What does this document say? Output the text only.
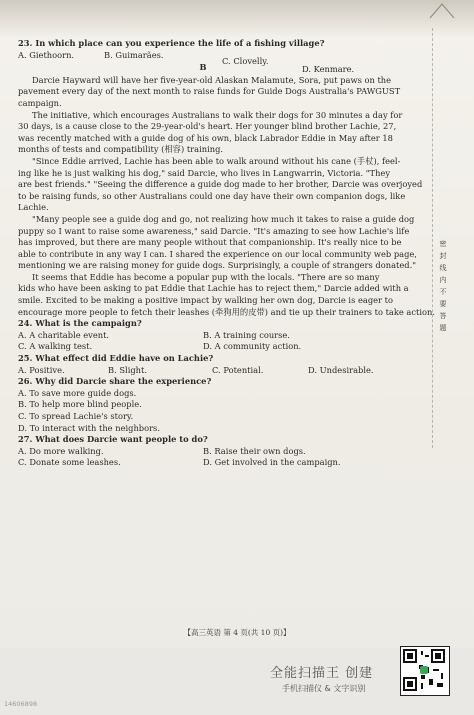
23. In which place can you experience the life of a fishing village?
A. Giethoorn.	B. Guimarães.
C. Clovelly.
D. Kenmare.
B
Darcie Hayward will have her five-year-old Alaskan Malamute, Sora, put paws on the
pavement every day of the next month to raise funds for Guide Dogs Australia's PAWGUST
campaign.
The initiative, which encourages Australians to walk their dogs for 30 minutes a day for
30 days, is a cause close to the 29-year-old's heart. Her younger blind brother Lachie, 27,
was recently matched with a guide dog of his own, black Labrador Eddie in May after 18
months of tests and compatibility (相容) training.
"Since Eddie arrived, Lachie has been able to walk around without his cane (手杖), feel-
ing like he is just walking his dog," said Darcie, who lives in Langwarrin, Victoria. "They
are best friends." "Seeing the difference a guide dog made to her brother, Darcie was overjoyed
to be raising funds, so other Australians could one day have their own companion dogs, like
Lachie.
"Many people see a guide dog and go, not realizing how much it takes to raise a guide dog
puppy so I want to raise some awareness," said Darcie. "It's amazing to see how Lachie's life
has improved, but there are many people without that companionship. It's really nice to be
able to contribute in any way I can. I shared the experience on our local community web page,
mentioning we are raising money for guide dogs. Surprisingly, a couple of strangers donated."
It seems that Eddie has become a popular pup with the locals. "There are so many
kids who have been asking to pat Eddie that Lachie has to reject them," Darcie added with a
smile. Excited to be making a positive impact by walking her own dog, Darcie is eager to
encourage more people to fetch their leashes (牵狗用的皮带) and tie up their trainers to take action.
24. What is the campaign?
A. A charitable event.	B. A training course.
C. A walking test.	D. A community action.
25. What effect did Eddie have on Lachie?
A. Positive.	B. Slight.	C. Potential.	D. Undesirable.
26. Why did Darcie share the experience?
A. To save more guide dogs.
B. To help more blind people.
C. To spread Lachie's story.
D. To interact with the neighbors.
27. What does Darcie want people to do?
A. Do more walking.	B. Raise their own dogs.
C. Donate some leashes.	D. Get involved in the campaign.
密 封 线 内 不 要 答 题
【高三英语 第 4 页(共 10 页)】
全能扫描王 创建
手机扫描仪 & 文字识别
14606898
